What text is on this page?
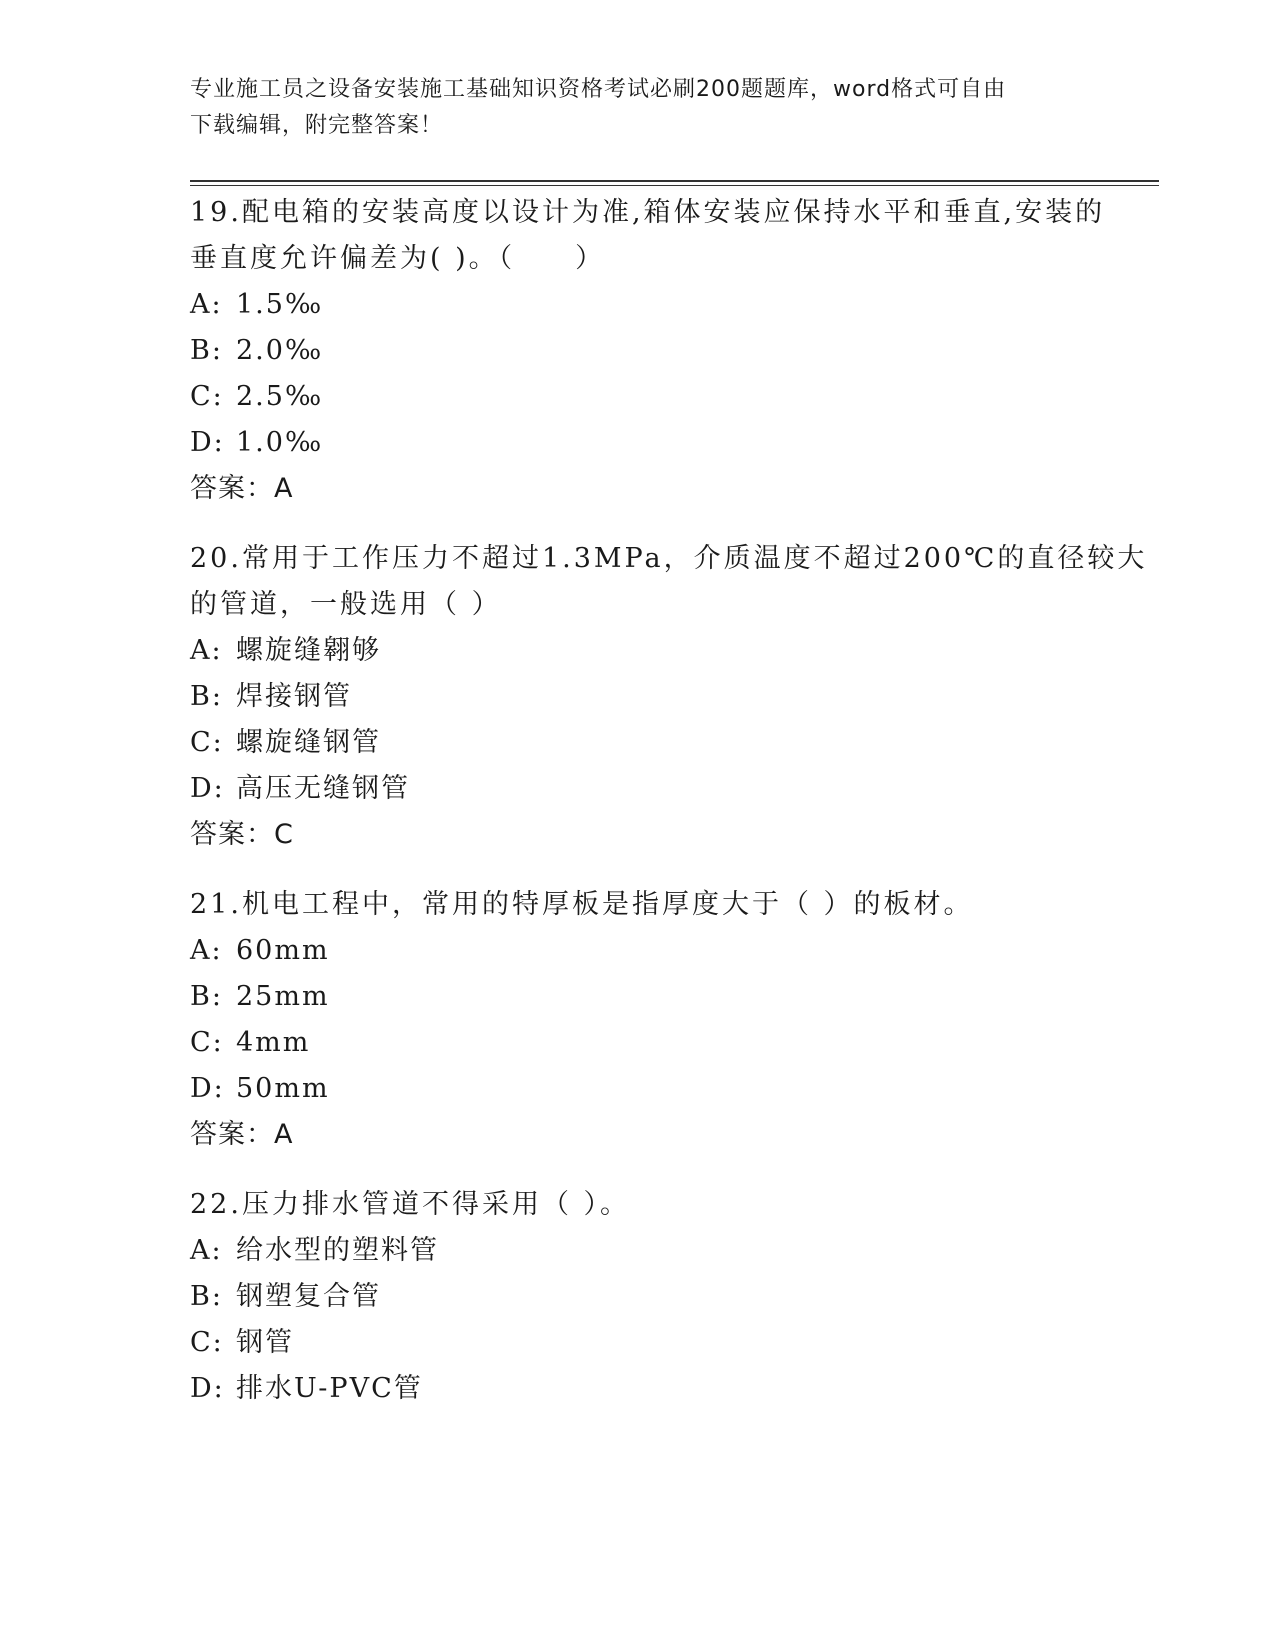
专业施工员之设备安装施工基础知识资格考试必刷200题题库，word格式可自由
下载编辑，附完整答案！
19.配电箱的安装高度以设计为准,箱体安装应保持水平和垂直,安装的
垂直度允许偏差为( )。（　　）
A: 1.5‰
B: 2.0‰
C: 2.5‰
D: 1.0‰
答案：A
20.常用于工作压力不超过1.3MPa，介质温度不超过200℃的直径较大
的管道，一般选用（ ）
A: 螺旋缝翱够
B: 焊接钢管
C: 螺旋缝钢管
D: 高压无缝钢管
答案：C
21.机电工程中，常用的特厚板是指厚度大于（ ）的板材。
A: 60mm
B: 25mm
C: 4mm
D: 50mm
答案：A
22.压力排水管道不得采用（ ）。
A: 给水型的塑料管
B: 钢塑复合管
C: 钢管
D: 排水U-PVC管
